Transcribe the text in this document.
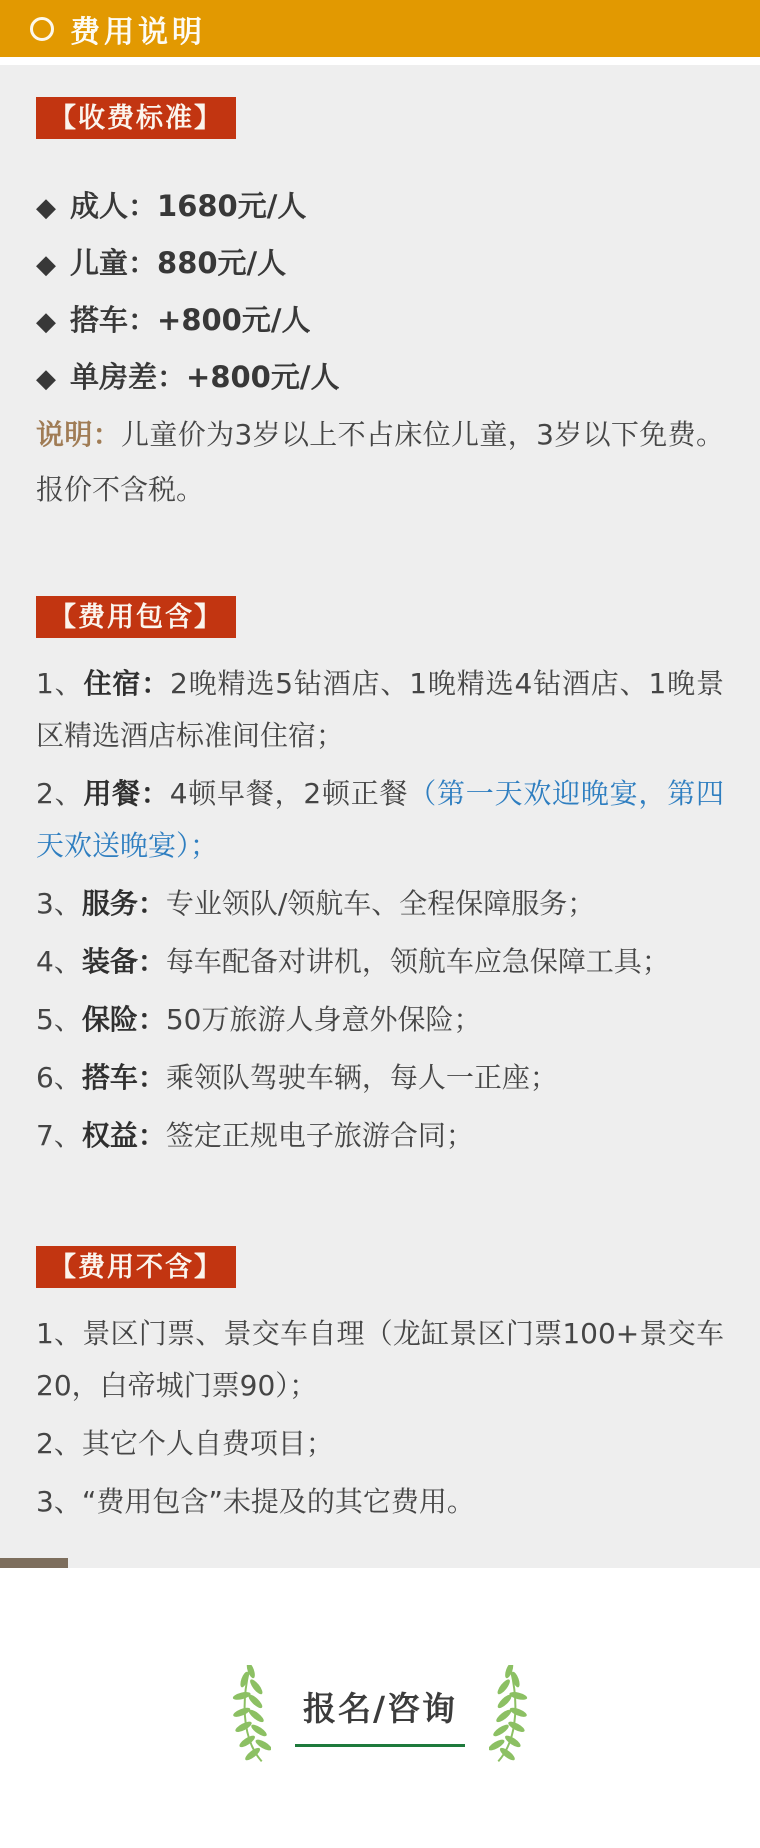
费用说明
【收费标准】
◆ 成人：1680元/人
◆ 儿童：880元/人
◆ 搭车：+800元/人
◆ 单房差：+800元/人

说明：儿童价为3岁以上不占床位儿童，3岁以下免费。报价不含税。

【费用包含】

1、住宿：2晚精选5钻酒店、1晚精选4钻酒店、1晚景区精选酒店标准间住宿；

2、用餐：4顿早餐，2顿正餐（第一天欢迎晚宴，第四天欢送晚宴）；

3、服务：专业领队/领航车、全程保障服务；

4、装备：每车配备对讲机，领航车应急保障工具；

5、保险：50万旅游人身意外保险；

6、搭车：乘领队驾驶车辆，每人一正座；

7、权益：签定正规电子旅游合同；

【费用不含】

1、景区门票、景交车自理（龙缸景区门票100+景交车20，白帝城门票90）；

2、其它个人自费项目；

3、“费用包含”未提及的其它费用。

报名/咨询
